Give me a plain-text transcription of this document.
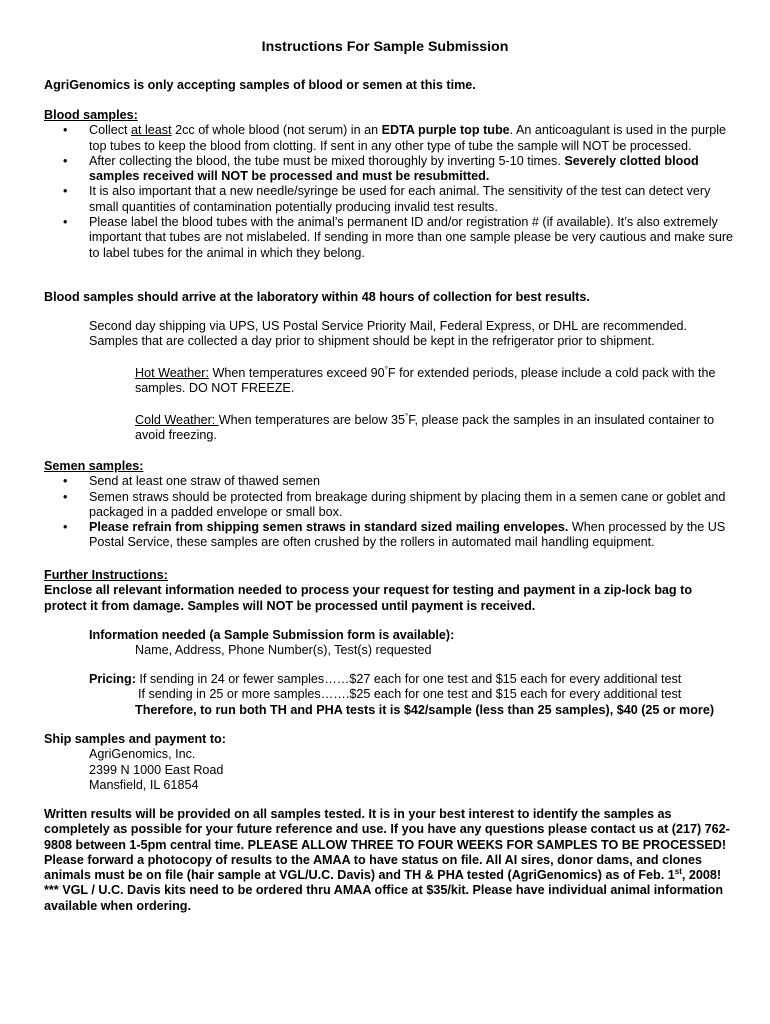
Instructions For Sample Submission
AgriGenomics is only accepting samples of blood or semen at this time.
Blood samples:
• Collect at least 2cc of whole blood (not serum) in an EDTA purple top tube. An anticoagulant is used in the purple top tubes to keep the blood from clotting. If sent in any other type of tube the sample will NOT be processed.
• After collecting the blood, the tube must be mixed thoroughly by inverting 5-10 times. Severely clotted blood samples received will NOT be processed and must be resubmitted.
• It is also important that a new needle/syringe be used for each animal. The sensitivity of the test can detect very small quantities of contamination potentially producing invalid test results.
• Please label the blood tubes with the animal’s permanent ID and/or registration # (if available). It’s also extremely important that tubes are not mislabeled. If sending in more than one sample please be very cautious and make sure to label tubes for the animal in which they belong.
Blood samples should arrive at the laboratory within 48 hours of collection for best results.
Second day shipping via UPS, US Postal Service Priority Mail, Federal Express, or DHL are recommended. Samples that are collected a day prior to shipment should be kept in the refrigerator prior to shipment.
Hot Weather: When temperatures exceed 90°F for extended periods, please include a cold pack with the samples. DO NOT FREEZE.
Cold Weather: When temperatures are below 35°F, please pack the samples in an insulated container to avoid freezing.
Semen samples:
• Send at least one straw of thawed semen
• Semen straws should be protected from breakage during shipment by placing them in a semen cane or goblet and packaged in a padded envelope or small box.
• Please refrain from shipping semen straws in standard sized mailing envelopes. When processed by the US Postal Service, these samples are often crushed by the rollers in automated mail handling equipment.
Further Instructions:
Enclose all relevant information needed to process your request for testing and payment in a zip-lock bag to protect it from damage. Samples will NOT be processed until payment is received.
Information needed (a Sample Submission form is available):
Name, Address, Phone Number(s), Test(s) requested
Pricing: If sending in 24 or fewer samples……$27 each for one test and $15 each for every additional test
If sending in 25 or more samples…….$25 each for one test and $15 each for every additional test
Therefore, to run both TH and PHA tests it is $42/sample (less than 25 samples), $40 (25 or more)
Ship samples and payment to:
AgriGenomics, Inc.
2399 N 1000 East Road
Mansfield, IL 61854
Written results will be provided on all samples tested. It is in your best interest to identify the samples as completely as possible for your future reference and use. If you have any questions please contact us at (217) 762-9808 between 1-5pm central time. PLEASE ALLOW THREE TO FOUR WEEKS FOR SAMPLES TO BE PROCESSED!
Please forward a photocopy of results to the AMAA to have status on file. All AI sires, donor dams, and clones animals must be on file (hair sample at VGL/U.C. Davis) and TH & PHA tested (AgriGenomics) as of Feb. 1st, 2008!
*** VGL / U.C. Davis kits need to be ordered thru AMAA office at $35/kit. Please have individual animal information available when ordering.
